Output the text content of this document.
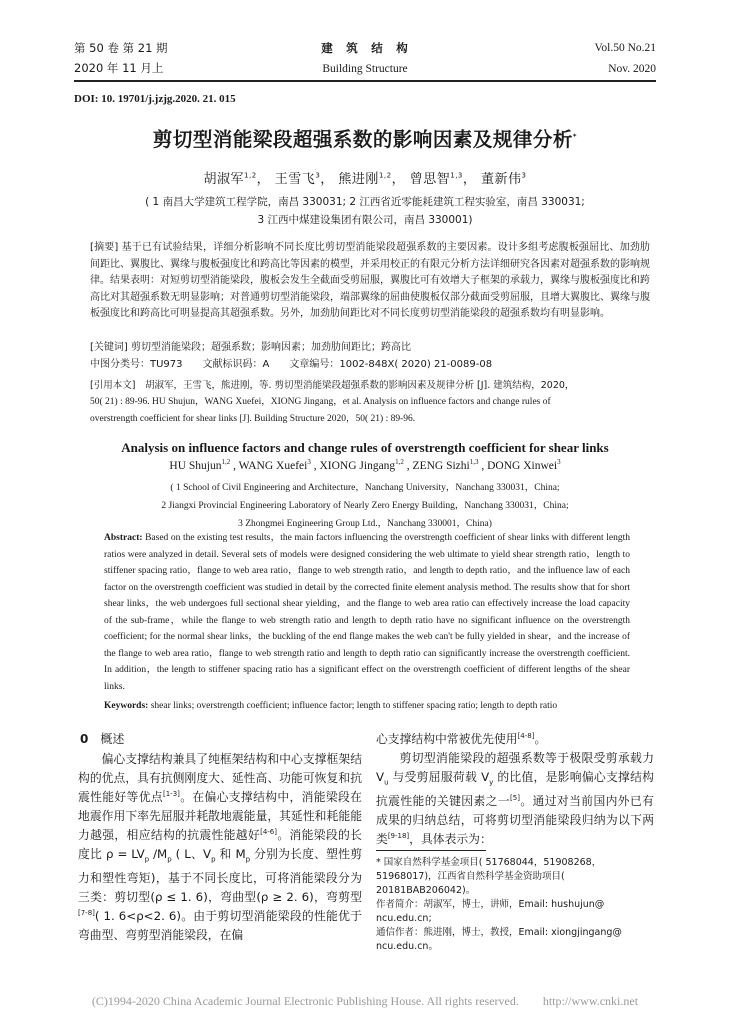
第 50 卷 第 21 期
2020 年 11 月上
建　筑　结　构
Building Structure
Vol.50 No.21
Nov. 2020
DOI: 10. 19701/j.jzjg.2020. 21. 015
剪切型消能梁段超强系数的影响因素及规律分析*
胡淑军$^{1,2}$， 王雪飞$^3$， 熊进刚$^{1,2}$， 曾思智$^{1,3}$， 董新伟$^3$
( 1 南昌大学建筑工程学院，南昌 330031; 2 江西省近零能耗建筑工程实验室，南昌 330031;
3 江西中煤建设集团有限公司，南昌 330001)
[摘要] 基于已有试验结果，详细分析影响不同长度比剪切型消能梁段超强系数的主要因素。设计多组考虑腹板强屈比、加劲肋间距比、翼腹比、翼缘与腹板强度比和跨高比等因素的模型，并采用校正的有限元分析方法详细研究各因素对超强系数的影响规律。结果表明：对短剪切型消能梁段，腹板会发生全截面受剪屈服，翼腹比可有效增大子框架的承载力，翼缘与腹板强度比和跨高比对其超强系数无明显影响；对普通剪切型消能梁段，端部翼缘的屈曲使腹板仅部分截面受剪屈服，且增大翼腹比、翼缘与腹板强度比和跨高比可明显提高其超强系数。另外，加劲肋间距比对不同长度剪切型消能梁段的超强系数均有明显影响。
[关键词] 剪切型消能梁段；超强系数；影响因素；加劲肋间距比；跨高比
中图分类号：TU973　　文献标识码：A　　文章编号：1002-848X( 2020) 21-0089-08
[引用本文]　 胡淑军，王雪飞，熊进刚，等. 剪切型消能梁段超强系数的影响因素及规律分析 [J]. 建筑结构，2020，
50( 21) : 89-96. HU Shujun，WANG Xuefei，XIONG Jingang，et al. Analysis on influence factors and change rules of
overstrength coefficient for shear links [J]. Building Structure 2020，50( 21) : 89-96.
Analysis on influence factors and change rules of overstrength coefficient for shear links
HU Shujun$^{1,2}$ , WANG Xuefei$^3$ , XIONG Jingang$^{1,2}$ , ZENG Sizhi$^{1,3}$ , DONG Xinwei$^3$
( 1 School of Civil Engineering and Architecture，Nanchang University，Nanchang 330031，China;
2 Jiangxi Provincial Engineering Laboratory of Nearly Zero Energy Building，Nanchang 330031，China;
3 Zhongmei Engineering Group Ltd.，Nanchang 330001，China)
Abstract: Based on the existing test results，the main factors influencing the overstrength coefficient of shear links with different length ratios were analyzed in detail. Several sets of models were designed considering the web ultimate to yield shear strength ratio，length to stiffener spacing ratio，flange to web area ratio，flange to web strength ratio，and length to depth ratio，and the influence law of each factor on the overstrength coefficient was studied in detail by the corrected finite element analysis method. The results show that for short shear links，the web undergoes full sectional shear yielding，and the flange to web area ratio can effectively increase the load capacity of the sub-frame，while the flange to web strength ratio and length to depth ratio have no significant influence on the overstrength coefficient; for the normal shear links，the buckling of the end flange makes the web can't be fully yielded in shear，and the increase of the flange to web area ratio，flange to web strength ratio and length to depth ratio can significantly increase the overstrength coefficient. In addition，the length to stiffener spacing ratio has a significant effect on the overstrength coefficient of different lengths of the shear links.
Keywords: shear links; overstrength coefficient; influence factor; length to stiffener spacing ratio; length to depth ratio
0　 概述

偏心支撑结构兼具了纯框架结构和中心支撑框架结构的优点，具有抗侧刚度大、延性高、功能可恢复和抗震性能好等优点[1-3]。在偏心支撑结构中，消能梁段在地震作用下率先屈服并耗散地震能量，其延性和耗能能力越强，相应结构的抗震性能越好[4-6]。消能梁段的长度比 $\rho = LV_p$ $/M_p$ ( L、$V_p$ 和 $M_p$ 分别为长度、塑性剪力和塑性弯矩)，基于不同长度比，可将消能梁段分为三类：剪切型(ρ ≤ 1. 6)，弯曲型(ρ ≥ 2. 6)，弯剪型[7-8]( 1. 6<ρ<2. 6)。由于剪切型消能梁段的性能优于弯曲型、弯剪型消能梁段，在偏

心支撑结构中常被优先使用[4-8]。

剪切型消能梁段的超强系数等于极限受剪承载力 $V_u$ 与受剪屈服荷载 $V_y$ 的比值，是影响偏心支撑结构抗震性能的关键因素之一[5]。通过对当前国内外已有成果的归纳总结，可将剪切型消能梁段归纳为以下两类[9-18]，具体表示为：

* 国家自然科学基金项目( 51768044，51908268，51968017)，江西省自然科学基金资助项目( 20181BAB206042)。
作者简介：胡淑军，博士，讲师，Email: hushujun@ ncu.edu.cn;
通信作者：熊进刚，博士，教授，Email: xiongjingang@ ncu.edu.cn。
(C)1994-2020 China Academic Journal Electronic Publishing House. All rights reserved.　　http://www.cnki.net
